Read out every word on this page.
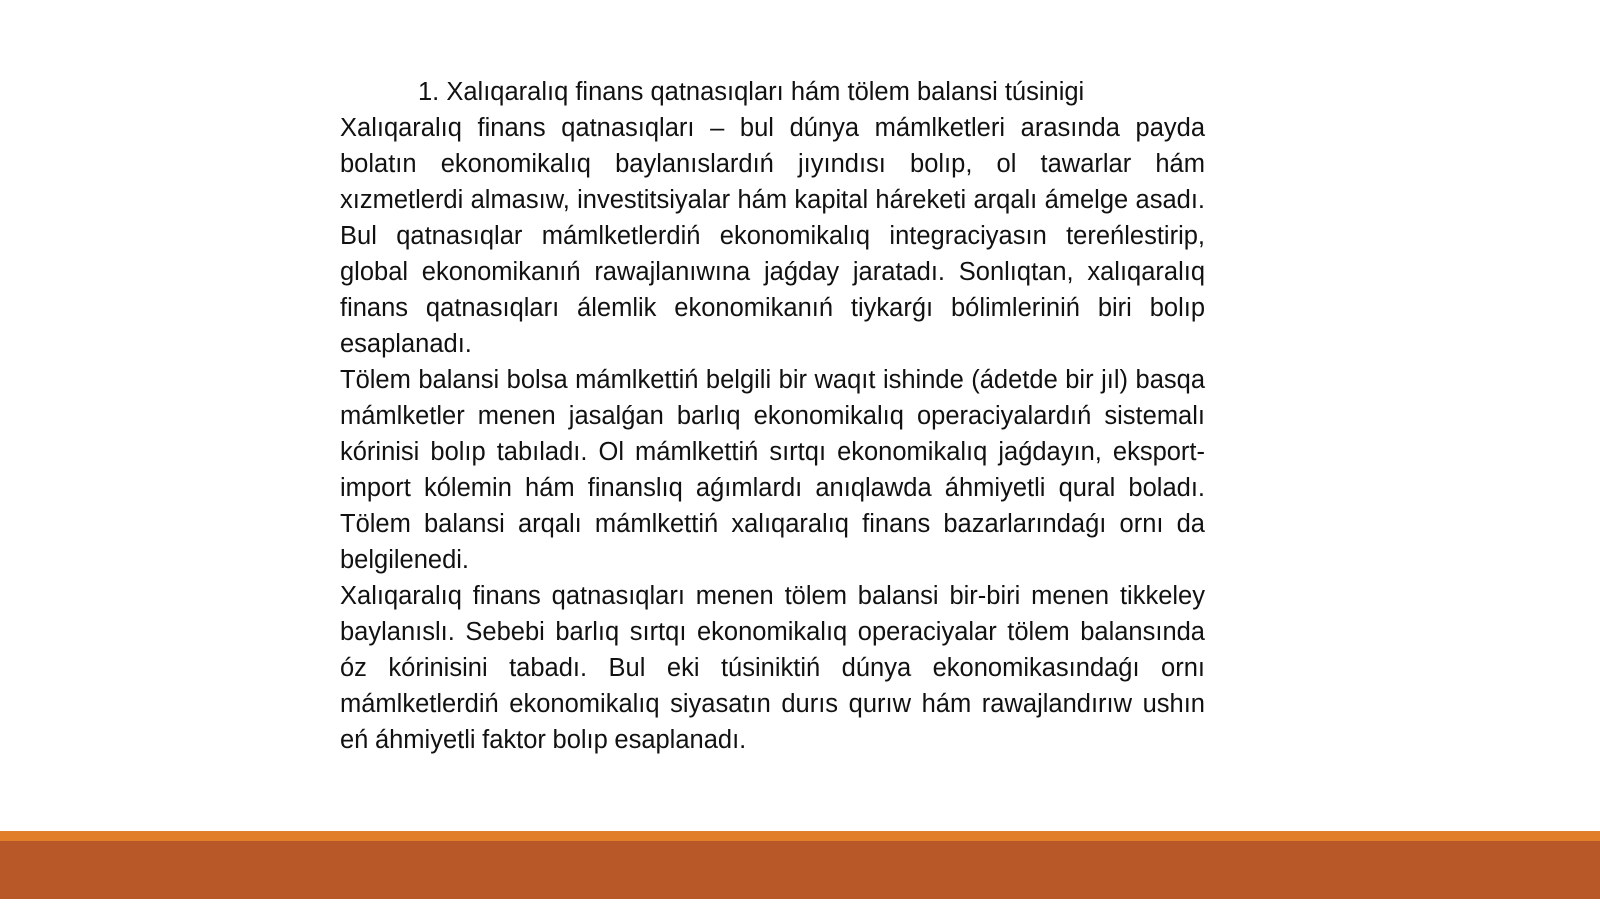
1. Xalıqaralıq finans qatnasıqları hám tölem balansi túsinigi

Xalıqaralıq finans qatnasıqları – bul dúnya mámlketleri arasında payda bolatın ekonomikalıq baylanıslardıń jıyındısı bolıp, ol tawarlar hám xızmetlerdi almasıw, investitsiyalar hám kapital háreketi arqalı ámelge asadı. Bul qatnasıqlar mámlketlerdiń ekonomikalıq integraciyasın tereńlestirip, global ekonomikanıń rawajlanıwına jaǵday jaratadı. Sonlıqtan, xalıqaralıq finans qatnasıqları álemlik ekonomikanıń tiykarǵı bólimleriniń biri bolıp esaplanadı.

Tölem balansi bolsa mámlkettiń belgili bir waqıt ishinde (ádetde bir jıl) basqa mámlketler menen jasalǵan barlıq ekonomikalıq operaciyalardıń sistemalı kórinisi bolıp tabıladı. Ol mámlkettiń sırtqı ekonomikalıq jaǵdayın, eksport-import kólemin hám finanslıq aǵımlardı anıqlawda áhmiyetli qural boladı. Tölem balansi arqalı mámlkettiń xalıqaralıq finans bazarlarındaǵı ornı da belgilenedi.

Xalıqaralıq finans qatnasıqları menen tölem balansi bir-biri menen tikkeley baylanıslı. Sebebi barlıq sırtqı ekonomikalıq operaciyalar tölem balansında óz kórinisini tabadı. Bul eki túsiniktiń dúnya ekonomikasındaǵı ornı mámlketlerdiń ekonomikalıq siyasatın durıs qurıw hám rawajlandırıw ushın eń áhmiyetli faktor bolıp esaplanadı.
